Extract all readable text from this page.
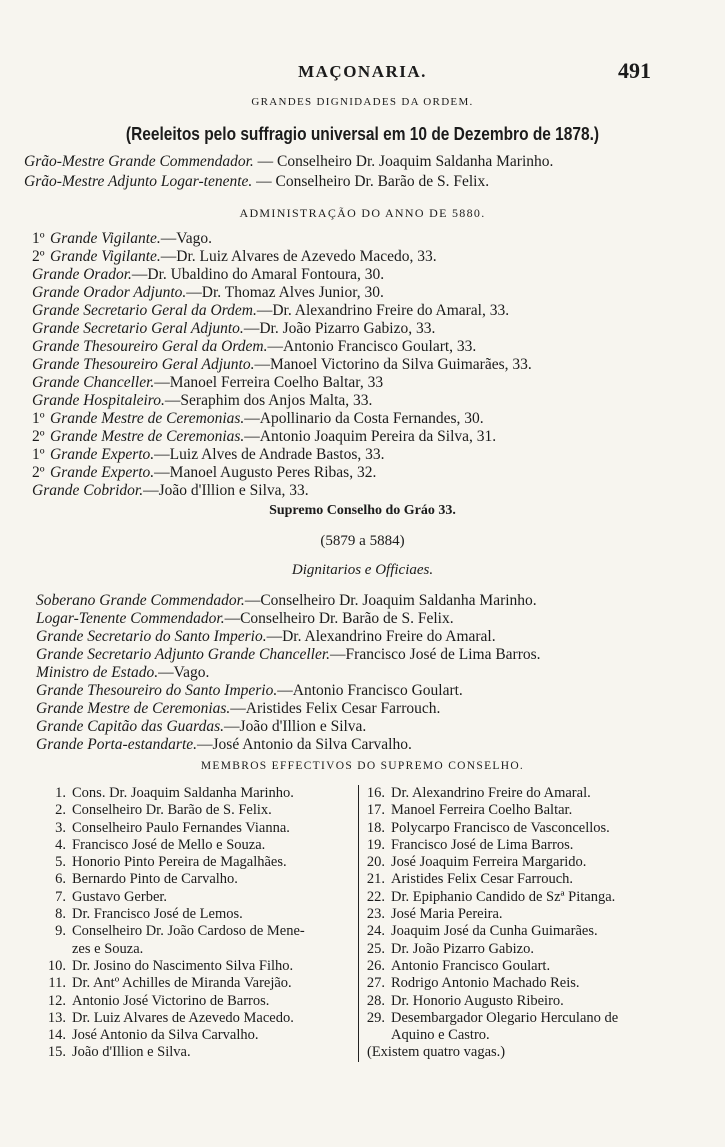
MAÇONARIA.	491
GRANDES DIGNIDADES DA ORDEM.
(Reeleitos pelo suffragio universal em 10 de Dezembro de 1878.)
Grão-Mestre Grande Commendador. — Conselheiro Dr. Joaquim Saldanha Marinho.
Grão-Mestre Adjunto Logar-tenente. — Conselheiro Dr. Barão de S. Felix.
ADMINISTRAÇÃO DO ANNO DE 5880.
1º Grande Vigilante.—Vago.
2º Grande Vigilante.—Dr. Luiz Alvares de Azevedo Macedo, 33.
Grande Orador.—Dr. Ubaldino do Amaral Fontoura, 30.
Grande Orador Adjunto.—Dr. Thomaz Alves Junior, 30.
Grande Secretario Geral da Ordem.—Dr. Alexandrino Freire do Amaral, 33.
Grande Secretario Geral Adjunto.—Dr. João Pizarro Gabizo, 33.
Grande Thesoureiro Geral da Ordem.—Antonio Francisco Goulart, 33.
Grande Thesoureiro Geral Adjunto.—Manoel Victorino da Silva Guimarães, 33.
Grande Chanceller.—Manoel Ferreira Coelho Baltar, 33
Grande Hospitaleiro.—Seraphim dos Anjos Malta, 33.
1º Grande Mestre de Ceremonias.—Apollinario da Costa Fernandes, 30.
2º Grande Mestre de Ceremonias.—Antonio Joaquim Pereira da Silva, 31.
1º Grande Experto.—Luiz Alves de Andrade Bastos, 33.
2º Grande Experto.—Manoel Augusto Peres Ribas, 32.
Grande Cobridor.—João d'Illion e Silva, 33.
Supremo Conselho do Gráo 33.
(5879 a 5884)
Dignitarios e Officiaes.
Soberano Grande Commendador.—Conselheiro Dr. Joaquim Saldanha Marinho.
Logar-Tenente Commendador.—Conselheiro Dr. Barão de S. Felix.
Grande Secretario do Santo Imperio.—Dr. Alexandrino Freire do Amaral.
Grande Secretario Adjunto Grande Chanceller.—Francisco José de Lima Barros.
Ministro de Estado.—Vago.
Grande Thesoureiro do Santo Imperio.—Antonio Francisco Goulart.
Grande Mestre de Ceremonias.—Aristides Felix Cesar Farrouch.
Grande Capitão das Guardas.—João d'Illion e Silva.
Grande Porta-estandarte.—José Antonio da Silva Carvalho.
MEMBROS EFFECTIVOS DO SUPREMO CONSELHO.
1. Cons. Dr. Joaquim Saldanha Marinho.
2. Conselheiro Dr. Barão de S. Felix.
3. Conselheiro Paulo Fernandes Vianna.
4. Francisco José de Mello e Souza.
5. Honorio Pinto Pereira de Magalhães.
6. Bernardo Pinto de Carvalho.
7. Gustavo Gerber.
8. Dr. Francisco José de Lemos.
9. Conselheiro Dr. João Cardoso de Mene-
zes e Souza.
10. Dr. Josino do Nascimento Silva Filho.
11. Dr. Antº Achilles de Miranda Varejão.
12. Antonio José Victorino de Barros.
13. Dr. Luiz Alvares de Azevedo Macedo.
14. José Antonio da Silva Carvalho.
15. João d'Illion e Silva.
16. Dr. Alexandrino Freire do Amaral.
17. Manoel Ferreira Coelho Baltar.
18. Polycarpo Francisco de Vasconcellos.
19. Francisco José de Lima Barros.
20. José Joaquim Ferreira Margarido.
21. Aristides Felix Cesar Farrouch.
22. Dr. Epiphanio Candido de Szª Pitanga.
23. José Maria Pereira.
24. Joaquim José da Cunha Guimarães.
25. Dr. João Pizarro Gabizo.
26. Antonio Francisco Goulart.
27. Rodrigo Antonio Machado Reis.
28. Dr. Honorio Augusto Ribeiro.
29. Desembargador Olegario Herculano de
Aquino e Castro.
(Existem quatro vagas.)
